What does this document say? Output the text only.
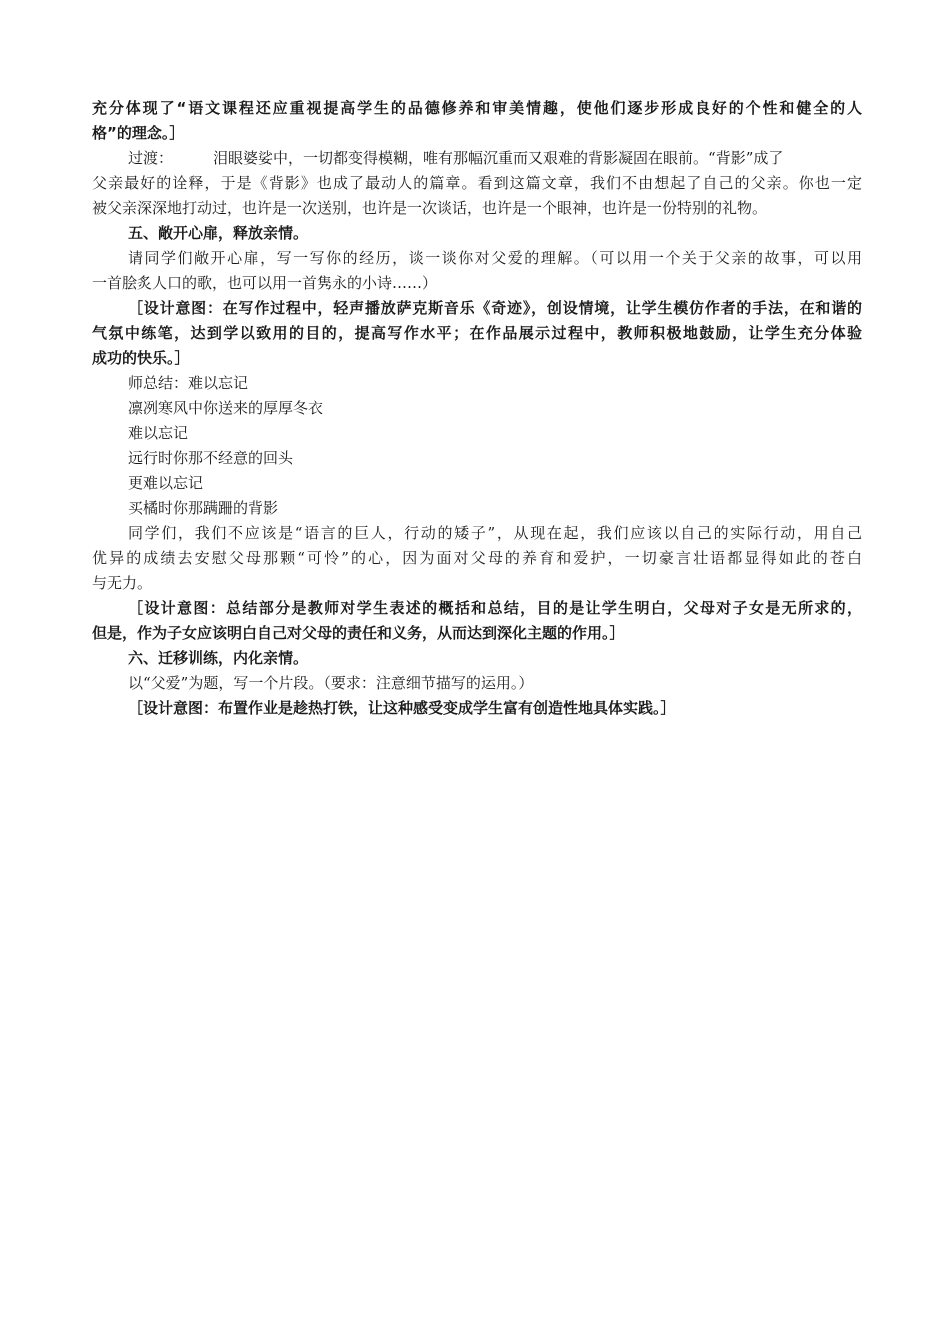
充分体现了“语文课程还应重视提高学生的品德修养和审美情趣，使他们逐步形成良好的个性和健全的人
格”的理念。］
过渡：	泪眼婆娑中，一切都变得模糊，唯有那幅沉重而又艰难的背影凝固在眼前。“背影”成了
父亲最好的诠释，于是《背影》也成了最动人的篇章。看到这篇文章，我们不由想起了自己的父亲。你也一定
被父亲深深地打动过，也许是一次送别，也许是一次谈话，也许是一个眼神，也许是一份特别的礼物。
五、敞开心扉，释放亲情。
请同学们敞开心扉，写一写你的经历，谈一谈你对父爱的理解。（可以用一个关于父亲的故事，可以用
一首脍炙人口的歌，也可以用一首隽永的小诗……）
［设计意图：在写作过程中，轻声播放萨克斯音乐《奇迹》，创设情境，让学生模仿作者的手法，在和谐的
气氛中练笔，达到学以致用的目的，提高写作水平；在作品展示过程中，教师积极地鼓励，让学生充分体验
成功的快乐。］
师总结：难以忘记
凛冽寒风中你送来的厚厚冬衣
难以忘记
远行时你那不经意的回头
更难以忘记
买橘时你那蹒跚的背影
同学们，我们不应该是“语言的巨人，行动的矮子”，从现在起，我们应该以自己的实际行动，用自己
优异的成绩去安慰父母那颗“可怜”的心，因为面对父母的养育和爱护，一切豪言壮语都显得如此的苍白
与无力。
［设计意图：总结部分是教师对学生表述的概括和总结，目的是让学生明白，父母对子女是无所求的，
但是，作为子女应该明白自己对父母的责任和义务，从而达到深化主题的作用。］
六、迁移训练，内化亲情。
以“父爱”为题，写一个片段。（要求：注意细节描写的运用。）
［设计意图：布置作业是趁热打铁，让这种感受变成学生富有创造性地具体实践。］
